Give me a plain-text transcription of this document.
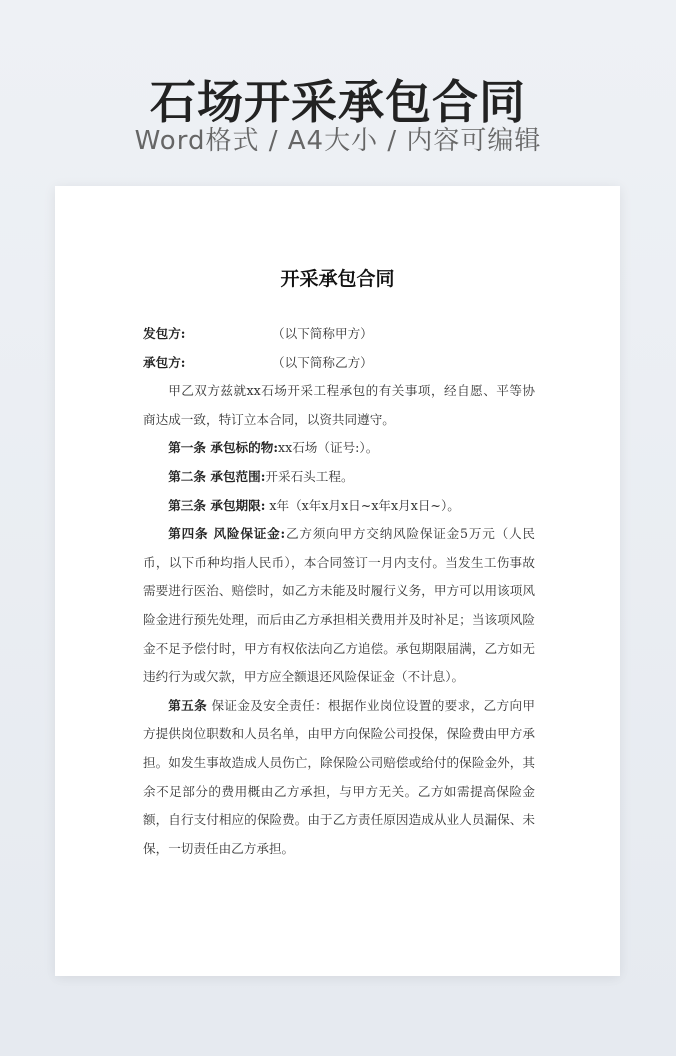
石场开采承包合同
Word格式 / A4大小 / 内容可编辑
开采承包合同
发包方:	（以下简称甲方）
承包方:	（以下简称乙方）
甲乙双方兹就xx石场开采工程承包的有关事项，经自愿、平等协商达成一致，特订立本合同，以资共同遵守。
第一条 承包标的物:xx石场（证号:）。
第二条 承包范围:开采石头工程。
第三条 承包期限: x年（x年x月x日~x年x月x日~）。
第四条 风险保证金:乙方须向甲方交纳风险保证金5万元（人民币，以下币种均指人民币），本合同签订一月内支付。当发生工伤事故需要进行医治、赔偿时，如乙方未能及时履行义务，甲方可以用该项风险金进行预先处理，而后由乙方承担相关费用并及时补足；当该项风险金不足予偿付时，甲方有权依法向乙方追偿。承包期限届满，乙方如无违约行为或欠款，甲方应全额退还风险保证金（不计息）。
第五条 保证金及安全责任：根据作业岗位设置的要求，乙方向甲方提供岗位职数和人员名单，由甲方向保险公司投保，保险费由甲方承担。如发生事故造成人员伤亡，除保险公司赔偿或给付的保险金外，其余不足部分的费用概由乙方承担，与甲方无关。乙方如需提高保险金额，自行支付相应的保险费。由于乙方责任原因造成从业人员漏保、未保，一切责任由乙方承担。
